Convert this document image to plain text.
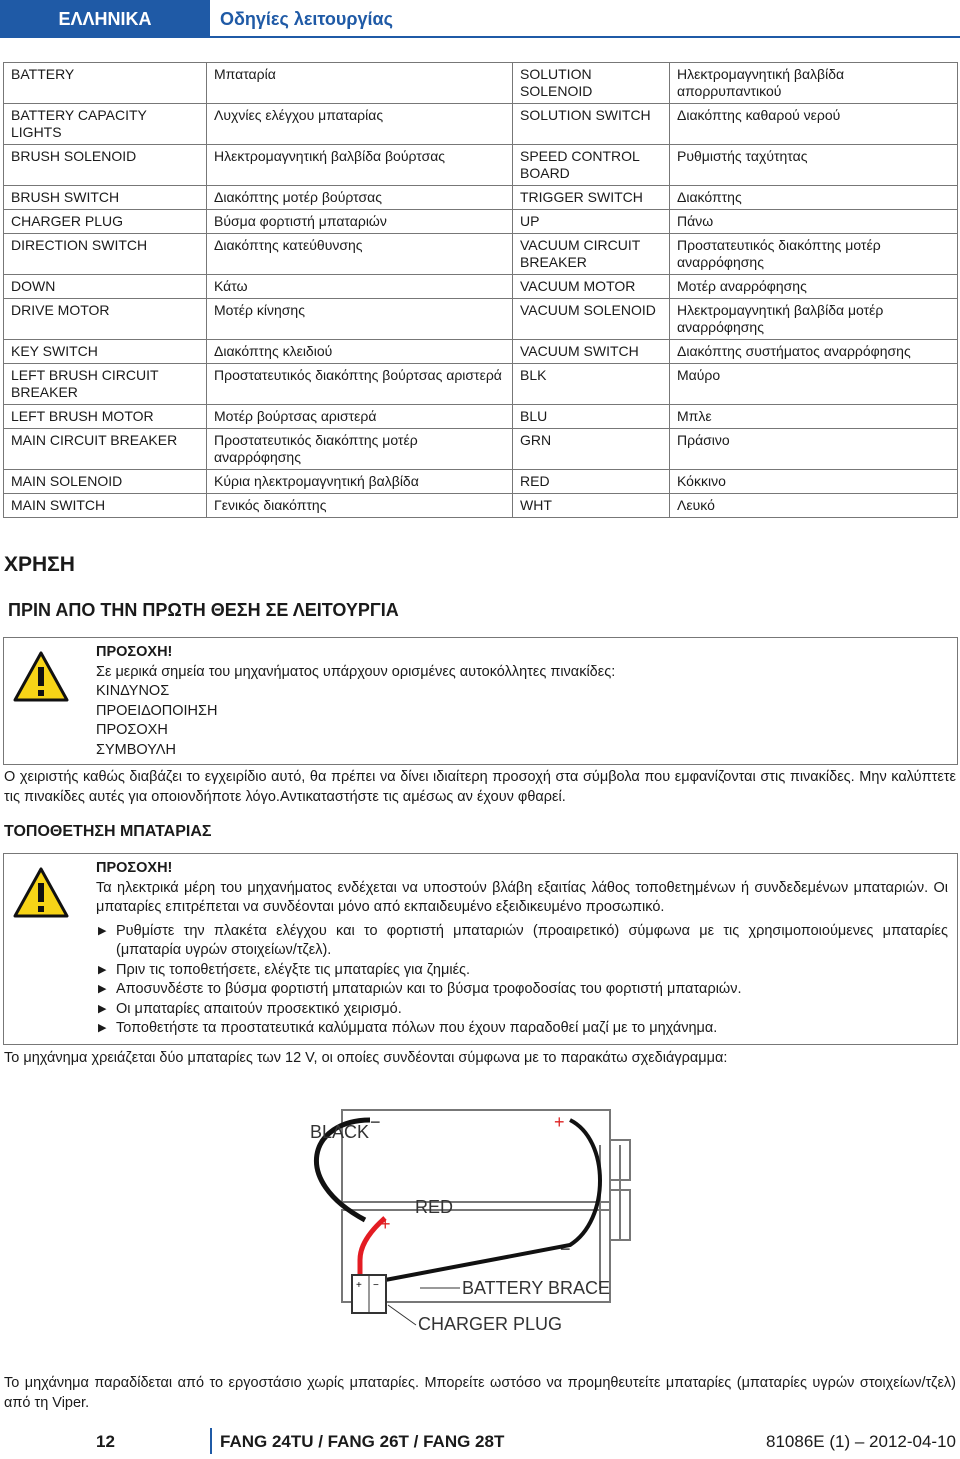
ΕΛΛΗΝΙΚΑ	Οδηγίες λειτουργίας
BATTERY	Μπαταρία	SOLUTION SOLENOID	Ηλεκτρομαγνητική βαλβίδα απορρυπαντικού
BATTERY CAPACITY LIGHTS	Λυχνίες ελέγχου μπαταρίας	SOLUTION SWITCH	Διακόπτης καθαρού νερού
BRUSH SOLENOID	Ηλεκτρομαγνητική βαλβίδα βούρτσας	SPEED CONTROL BOARD	Ρυθμιστής ταχύτητας
BRUSH SWITCH	Διακόπτης μοτέρ βούρτσας	TRIGGER SWITCH	Διακόπτης
CHARGER PLUG	Βύσμα φορτιστή μπαταριών	UP	Πάνω
DIRECTION SWITCH	Διακόπτης κατεύθυνσης	VACUUM CIRCUIT BREAKER	Προστατευτικός διακόπτης μοτέρ αναρρόφησης
DOWN	Κάτω	VACUUM MOTOR	Μοτέρ αναρρόφησης
DRIVE MOTOR	Μοτέρ κίνησης	VACUUM SOLENOID	Ηλεκτρομαγνητική βαλβίδα μοτέρ αναρρόφησης
KEY SWITCH	Διακόπτης κλειδιού	VACUUM SWITCH	Διακόπτης συστήματος αναρρόφησης
LEFT BRUSH CIRCUIT BREAKER	Προστατευτικός διακόπτης βούρτσας αριστερά	BLK	Μαύρο
LEFT BRUSH MOTOR	Μοτέρ βούρτσας αριστερά	BLU	Μπλε
MAIN CIRCUIT BREAKER	Προστατευτικός διακόπτης μοτέρ αναρρόφησης	GRN	Πράσινο
MAIN SOLENOID	Κύρια ηλεκτρομαγνητική βαλβίδα	RED	Κόκκινο
MAIN SWITCH	Γενικός διακόπτης	WHT	Λευκό
ΧΡΗΣΗ
ΠΡΙΝ ΑΠΟ ΤΗΝ ΠΡΩΤΗ ΘΕΣΗ ΣΕ ΛΕΙΤΟΥΡΓΙΑ
ΠΡΟΣΟΧΗ!
Σε μερικά σημεία του μηχανήματος υπάρχουν ορισμένες αυτοκόλλητες πινακίδες:
ΚΙΝΔΥΝΟΣ
ΠΡΟΕΙΔΟΠΟΙΗΣΗ
ΠΡΟΣΟΧΗ
ΣΥΜΒΟΥΛΗ
Ο χειριστής καθώς διαβάζει το εγχειρίδιο αυτό, θα πρέπει να δίνει ιδιαίτερη προσοχή στα σύμβολα που εμφανίζονται στις πινακίδες. Μην καλύπτετε τις πινακίδες αυτές για οποιονδήποτε λόγο.Αντικαταστήστε τις αμέσως αν έχουν φθαρεί.
ΤΟΠΟΘΕΤΗΣΗ ΜΠΑΤΑΡΙΑΣ
ΠΡΟΣΟΧΗ!
Τα ηλεκτρικά μέρη του μηχανήματος ενδέχεται να υποστούν βλάβη εξαιτίας λάθος τοποθετημένων ή συνδεδεμένων μπαταριών. Οι μπαταρίες επιτρέπεται να συνδέονται μόνο από εκπαιδευμένο εξειδικευμένο προσωπικό.
▶ Ρυθμίστε την πλακέτα ελέγχου και το φορτιστή μπαταριών (προαιρετικό) σύμφωνα με τις χρησιμοποιούμενες μπαταρίες (μπαταρία υγρών στοιχείων/τζελ).
▶ Πριν τις τοποθετήσετε, ελέγξτε τις μπαταρίες για ζημιές.
▶ Αποσυνδέστε το βύσμα φορτιστή μπαταριών και το βύσμα τροφοδοσίας του φορτιστή μπαταριών.
▶ Οι μπαταρίες απαιτούν προσεκτικό χειρισμό.
▶ Τοποθετήστε τα προστατευτικά καλύμματα πόλων που έχουν παραδοθεί μαζί με το μηχάνημα.
Το μηχάνημα χρειάζεται δύο μπαταρίες των 12 V, οι οποίες συνδέονται σύμφωνα με το παρακάτω σχεδιάγραμμα:
+
−
+
−
+ −
BLACK
RED
BATTERY BRACE
CHARGER PLUG
Το μηχάνημα παραδίδεται από το εργοστάσιο χωρίς μπαταρίες. Μπορείτε ωστόσο να προμηθευτείτε μπαταρίες (μπαταρίες υγρών στοιχείων/τζελ) από τη Viper.
12	FANG 24TU / FANG 26T / FANG 28T	81086E (1) – 2012-04-10
